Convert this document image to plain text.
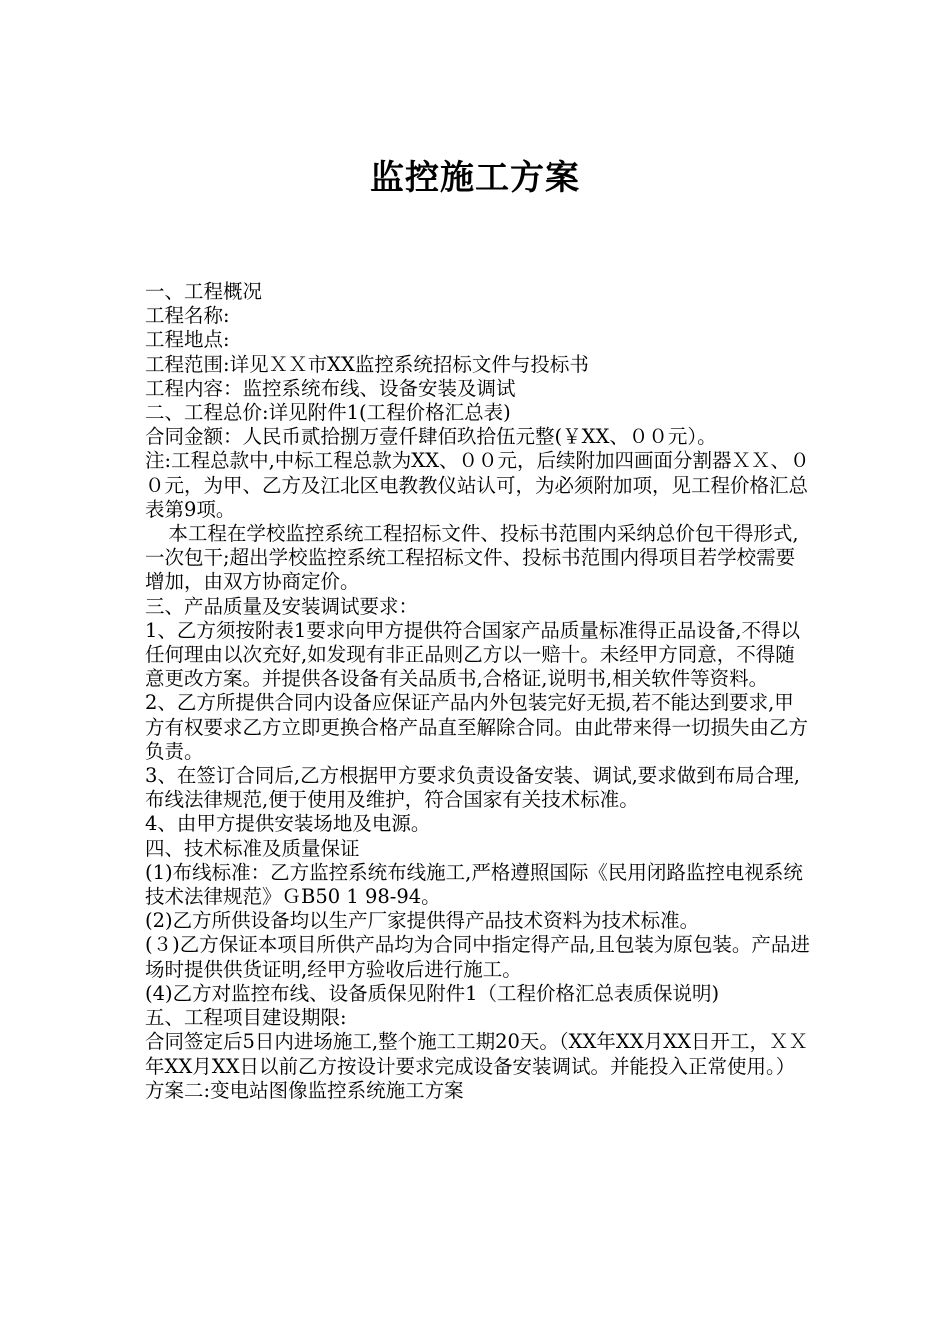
监控施工方案

一、工程概况

工程名称:

工程地点:

工程范围:详见ＸＸ市XX监控系统招标文件与投标书

工程内容：监控系统布线、设备安装及调试

二、工程总价:详见附件1(工程价格汇总表)

合同金额：人民币贰拾捌万壹仟肆佰玖拾伍元整(￥XX、００元）。

注:工程总款中,中标工程总款为XX、００元，后续附加四画面分割器ＸＸ、００元，为甲、乙方及江北区电教教仪站认可，为必须附加项，见工程价格汇总表第9项。

本工程在学校监控系统工程招标文件、投标书范围内采纳总价包干得形式,一次包干;超出学校监控系统工程招标文件、投标书范围内得项目若学校需要增加，由双方协商定价。

三、产品质量及安装调试要求：

1、乙方须按附表1要求向甲方提供符合国家产品质量标准得正品设备,不得以任何理由以次充好,如发现有非正品则乙方以一赔十。未经甲方同意，不得随意更改方案。并提供各设备有关品质书,合格证,说明书,相关软件等资料。

2、乙方所提供合同内设备应保证产品内外包装完好无损,若不能达到要求,甲方有权要求乙方立即更换合格产品直至解除合同。由此带来得一切损失由乙方负责。

3、在签订合同后,乙方根据甲方要求负责设备安装、调试,要求做到布局合理,布线法律规范,便于使用及维护，符合国家有关技术标准。

4、由甲方提供安装场地及电源。

四、技术标准及质量保证

(1)布线标准：乙方监控系统布线施工,严格遵照国际《民用闭路监控电视系统技术法律规范》ＧB50 1 98-94。

(2)乙方所供设备均以生产厂家提供得产品技术资料为技术标准。

(３)乙方保证本项目所供产品均为合同中指定得产品,且包装为原包装。产品进场时提供供货证明,经甲方验收后进行施工。

(4)乙方对监控布线、设备质保见附件1（工程价格汇总表质保说明)

五、工程项目建设期限:

合同签定后5日内进场施工,整个施工工期20天。（XX年XX月XX日开工，ＸＸ年XX月XX日以前乙方按设计要求完成设备安装调试。并能投入正常使用。）

方案二:变电站图像监控系统施工方案
